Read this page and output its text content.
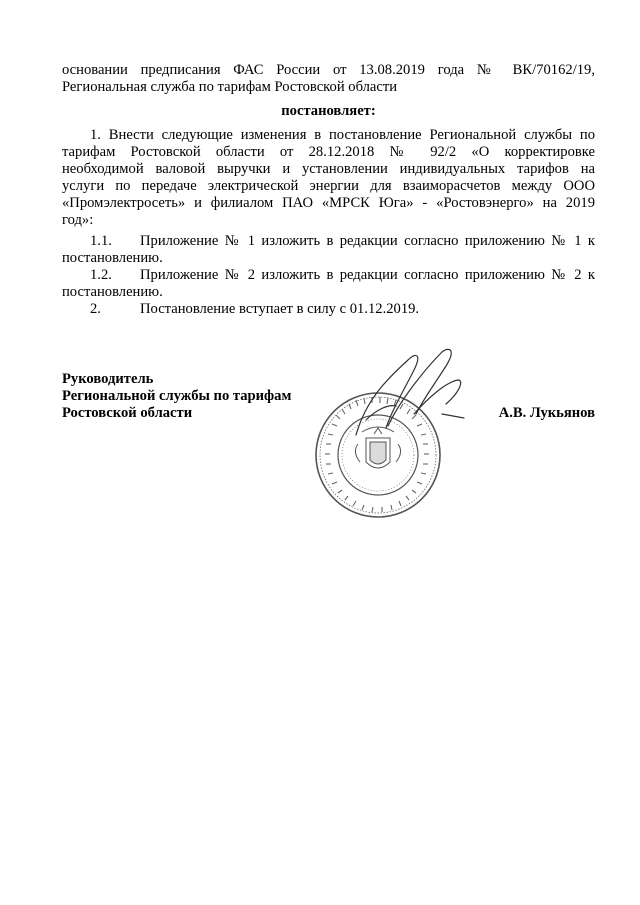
основании предписания ФАС России от 13.08.2019 года № ВК/70162/19,
Региональная служба по тарифам Ростовской области
постановляет:
1. Внести следующие изменения в постановление Региональной службы по
тарифам Ростовской области от 28.12.2018 № 92/2 «О корректировке
необходимой валовой выручки и установлении индивидуальных тарифов на
услуги по передаче электрической энергии для взаиморасчетов между ООО
«Промэлектросеть» и филиалом ПАО «МРСК Юга» - «Ростовэнерго» на 2019
год»:
1.1. Приложение № 1 изложить в редакции согласно приложению № 1 к
постановлению.
1.2. Приложение № 2 изложить в редакции согласно приложению № 2 к
постановлению.
2.	Постановление вступает в силу с 01.12.2019.
Руководитель
Региональной службы по тарифам
Ростовской области	А.В. Лукьянов
